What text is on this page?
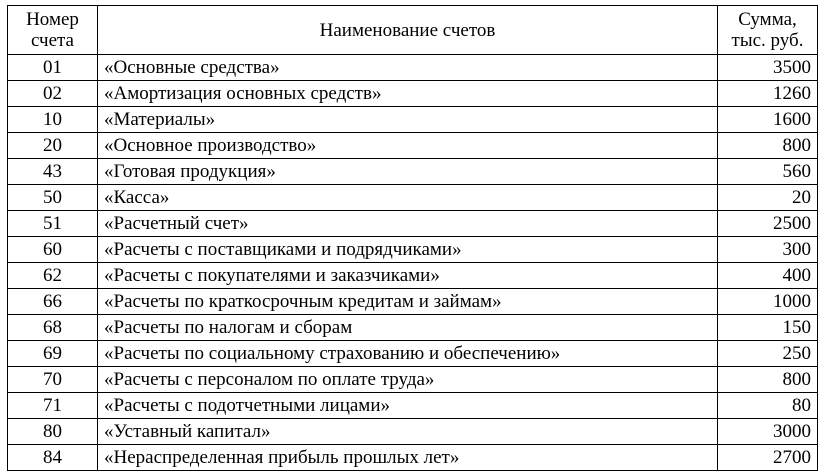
Номер
счета	Наименование счетов	Сумма,
тыс. руб.

01	«Основные средства»	3500
02	«Амортизация основных средств»	1260
10	«Материалы»	1600
20	«Основное производство»	800
43	«Готовая продукция»	560
50	«Касса»	20
51	«Расчетный счет»	2500
60	«Расчеты с поставщиками и подрядчиками»	300
62	«Расчеты с покупателями и заказчиками»	400
66	«Расчеты по краткосрочным кредитам и займам»	1000
68	«Расчеты по налогам и сборам	150
69	«Расчеты по социальному страхованию и обеспечению»	250
70	«Расчеты с персоналом по оплате труда»	800
71	«Расчеты с подотчетными лицами»	80
80	«Уставный капитал»	3000
84	«Нераспределенная прибыль прошлых лет»	2700
